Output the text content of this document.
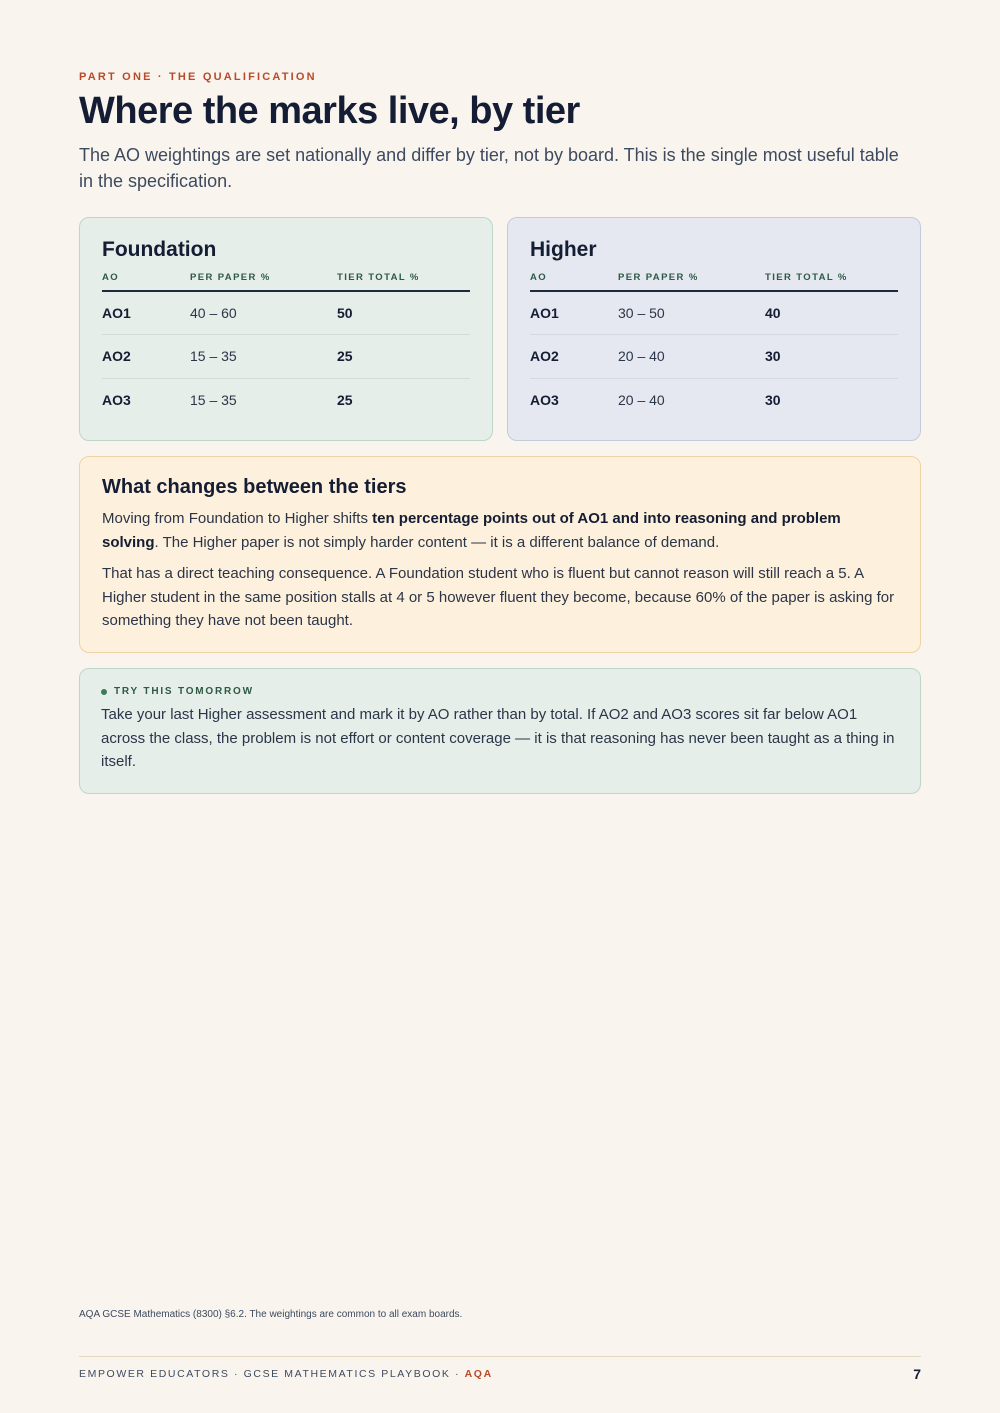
PART ONE · THE QUALIFICATION
Where the marks live, by tier

The AO weightings are set nationally and differ by tier, not by board. This is the single most useful table in the specification.

Foundation
AO	PER PAPER %	TIER TOTAL %
AO1	40 – 60	50
AO2	15 – 35	25
AO3	15 – 35	25
Higher
AO	PER PAPER %	TIER TOTAL %
AO1	30 – 50	40
AO2	20 – 40	30
AO3	20 – 40	30
What changes between the tiers

Moving from Foundation to Higher shifts ten percentage points out of AO1 and into reasoning and problem solving. The Higher paper is not simply harder content — it is a different balance of demand.

That has a direct teaching consequence. A Foundation student who is fluent but cannot reason will still reach a 5. A Higher student in the same position stalls at 4 or 5 however fluent they become, because 60% of the paper is asking for something they have not been taught.

TRY THIS TOMORROW

Take your last Higher assessment and mark it by AO rather than by total. If AO2 and AO3 scores sit far below AO1 across the class, the problem is not effort or content coverage — it is that reasoning has never been taught as a thing in itself.

AQA GCSE Mathematics (8300) §6.2. The weightings are common to all exam boards.

EMPOWER EDUCATORS · GCSE MATHEMATICS PLAYBOOK · AQA	7
